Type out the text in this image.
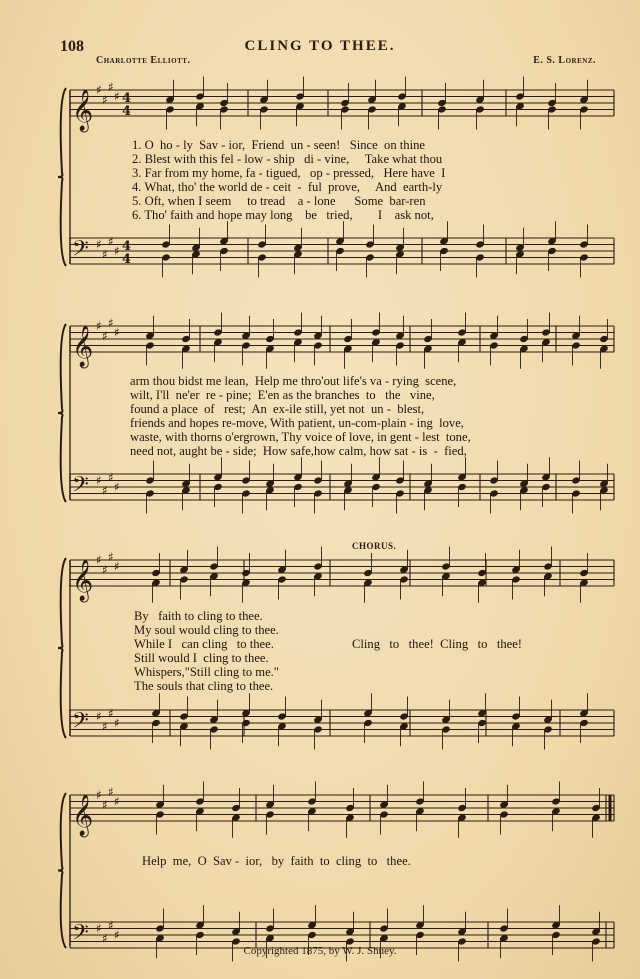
108	CLING TO THEE.
Charlotte Elliott.	E. S. Lorenz.
𝄞 ♯
♯
♯
♯ 4
4
𝄢 ♯
♯
♯
♯ 4
4
𝄞 ♯
♯
♯
♯
𝄢 ♯
♯
♯
♯
𝄞 ♯
♯
♯
♯
𝄢 ♯
♯
♯
♯
𝄞 ♯
♯
♯
♯
𝄢 ♯
♯
♯
♯
1. O  ho - ly  Sav - ior,  Friend  un - seen!   Since  on thine
2. Blest with this fel - low - ship   di - vine,     Take what thou
3. Far from my home, fa - tigued,   op - pressed,   Here have  I
4. What, tho' the world de - ceit  -  ful  prove,     And  earth-ly
5. Oft, when I seem     to tread    a - lone      Some  bar-ren
6. Tho' faith and hope may long    be   tried,        I    ask not,
arm thou bidst me lean,  Help me thro'out life's va - rying  scene,
wilt, I'll  ne'er  re - pine;  E'en as the branches  to   the   vine,
found a place  of   rest;  An  ex-ile still, yet not  un -  blest,
friends and hopes re-move, With patient, un-com-plain - ing  love,
waste, with thorns o'ergrown, Thy voice of love, in gent - lest  tone,
need not, aught be - side;  How safe,how calm, how sat - is  -  fied,
CHORUS.
By   faith to cling to thee.
My soul would cling to thee.
While I   can cling   to thee.
Still would I  cling to thee.
Whispers,"Still cling to me."
The souls that cling to thee.
Cling   to   thee!  Cling   to   thee!
Help  me,  O  Sav -  ior,   by  faith  to  cling  to   thee.
Copyrighted 1875, by W. J. Shuey.
